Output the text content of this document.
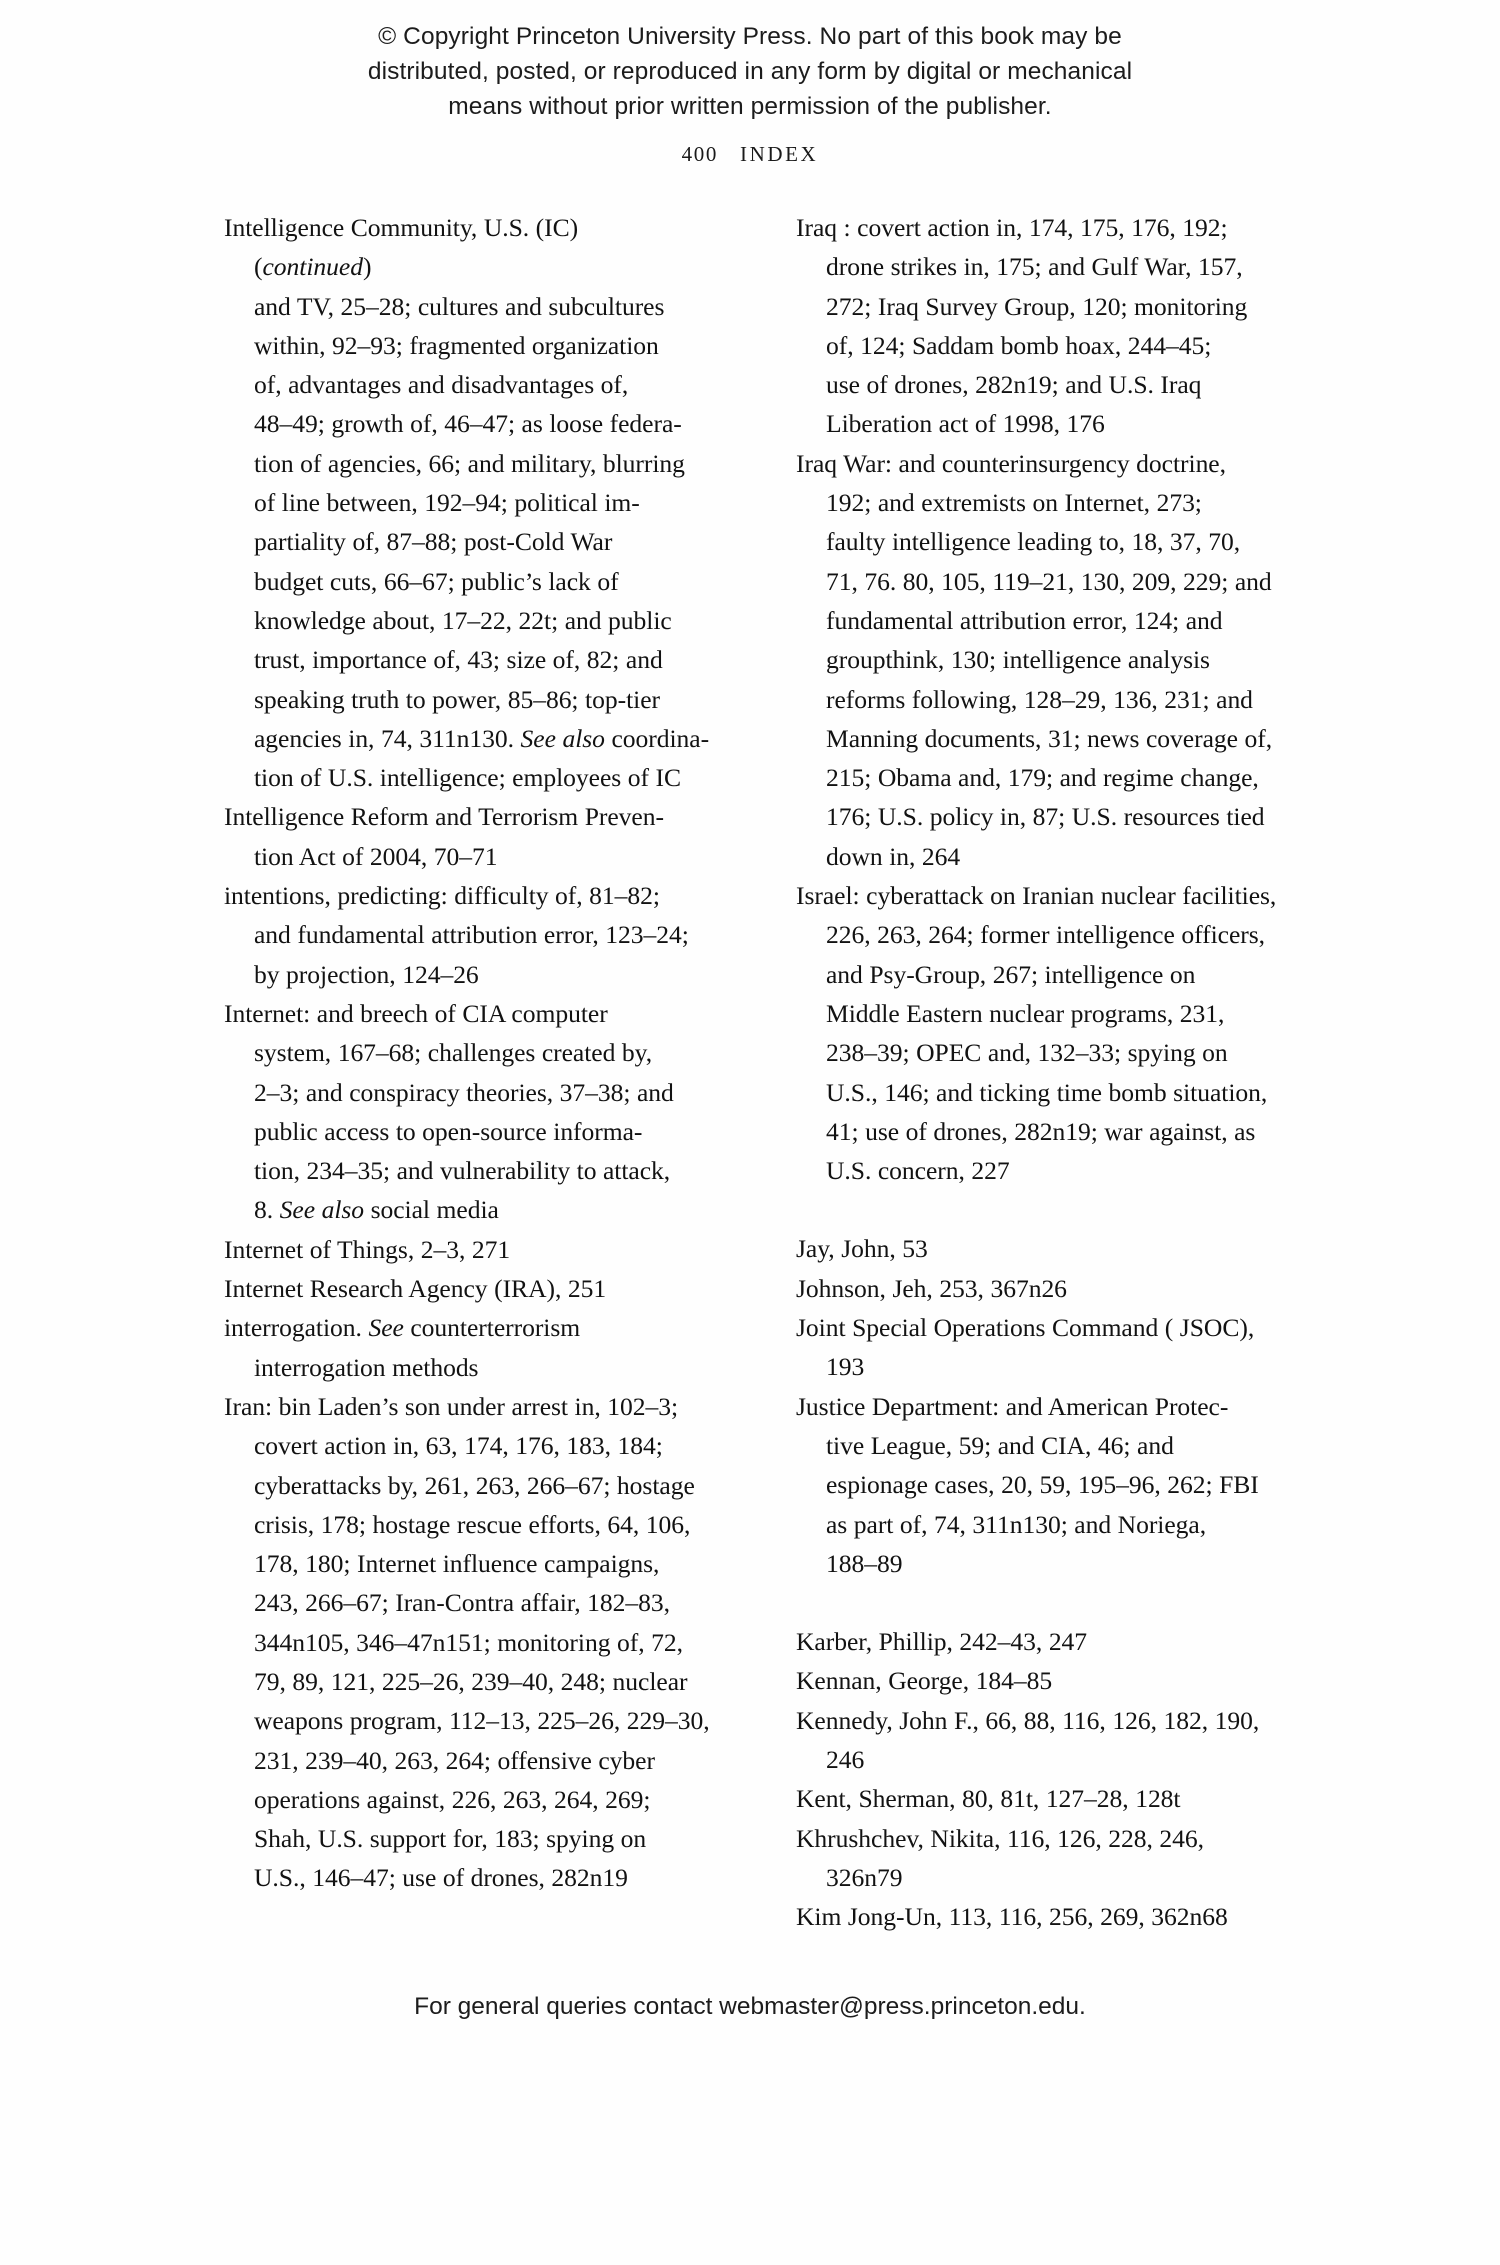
© Copyright Princeton University Press. No part of this book may be
distributed, posted, or reproduced in any form by digital or mechanical
means without prior written permission of the publisher.
400 INDEX
Intelligence Community, U.S. (IC)
(continued)
and TV, 25–28; cultures and subcultures
within, 92–93; fragmented organization
of, advantages and disadvantages of,
48–49; growth of, 46–47; as loose federa-
tion of agencies, 66; and military, blurring
of line between, 192–94; political im-
partiality of, 87–88; post-Cold War
budget cuts, 66–67; public’s lack of
knowledge about, 17–22, 22t; and public
trust, importance of, 43; size of, 82; and
speaking truth to power, 85–86; top-tier
agencies in, 74, 311n130. See also coordina-
tion of U.S. intelligence; employees of IC
Intelligence Reform and Terrorism Preven-
tion Act of 2004, 70–71
intentions, predicting: difficulty of, 81–82;
and fundamental attribution error, 123–24;
by projection, 124–26
Internet: and breech of CIA computer
system, 167–68; challenges created by,
2–3; and conspiracy theories, 37–38; and
public access to open-source informa-
tion, 234–35; and vulnerability to attack,
8. See also social media
Internet of Things, 2–3, 271
Internet Research Agency (IRA), 251
interrogation. See counterterrorism
interrogation methods
Iran: bin Laden’s son under arrest in, 102–3;
covert action in, 63, 174, 176, 183, 184;
cyberattacks by, 261, 263, 266–67; hostage
crisis, 178; hostage rescue efforts, 64, 106,
178, 180; Internet influence campaigns,
243, 266–67; Iran-Contra affair, 182–83,
344n105, 346–47n151; monitoring of, 72,
79, 89, 121, 225–26, 239–40, 248; nuclear
weapons program, 112–13, 225–26, 229–30,
231, 239–40, 263, 264; offensive cyber
operations against, 226, 263, 264, 269;
Shah, U.S. support for, 183; spying on
U.S., 146–47; use of drones, 282n19
Iraq : covert action in, 174, 175, 176, 192;
drone strikes in, 175; and Gulf War, 157,
272; Iraq Survey Group, 120; monitoring
of, 124; Saddam bomb hoax, 244–45;
use of drones, 282n19; and U.S. Iraq
Liberation act of 1998, 176
Iraq War: and counterinsurgency doctrine,
192; and extremists on Internet, 273;
faulty intelligence leading to, 18, 37, 70,
71, 76. 80, 105, 119–21, 130, 209, 229; and
fundamental attribution error, 124; and
groupthink, 130; intelligence analysis
reforms following, 128–29, 136, 231; and
Manning documents, 31; news coverage of,
215; Obama and, 179; and regime change,
176; U.S. policy in, 87; U.S. resources tied
down in, 264
Israel: cyberattack on Iranian nuclear facilities,
226, 263, 264; former intelligence officers,
and Psy-Group, 267; intelligence on
Middle Eastern nuclear programs, 231,
238–39; OPEC and, 132–33; spying on
U.S., 146; and ticking time bomb situation,
41; use of drones, 282n19; war against, as
U.S. concern, 227
Jay, John, 53
Johnson, Jeh, 253, 367n26
Joint Special Operations Command ( JSOC),
193
Justice Department: and American Protec-
tive League, 59; and CIA, 46; and
espionage cases, 20, 59, 195–96, 262; FBI
as part of, 74, 311n130; and Noriega,
188–89
Karber, Phillip, 242–43, 247
Kennan, George, 184–85
Kennedy, John F., 66, 88, 116, 126, 182, 190, 246
Kent, Sherman, 80, 81t, 127–28, 128t
Khrushchev, Nikita, 116, 126, 228, 246,
326n79
Kim Jong-Un, 113, 116, 256, 269, 362n68
For general queries contact webmaster@press.princeton.edu.
